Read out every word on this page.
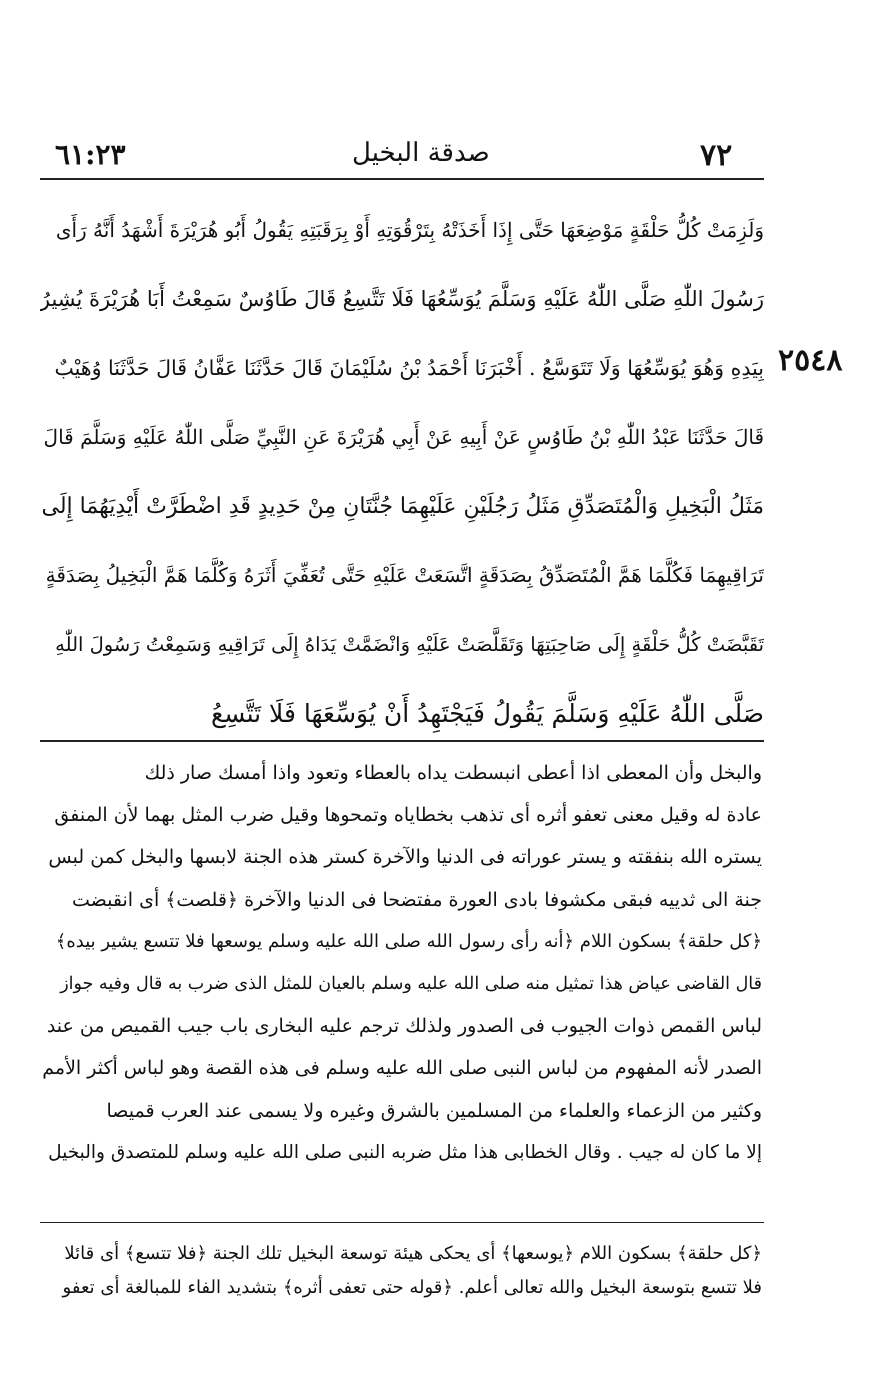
٧٢
صدقة البخيل
٦١:٢٣
وَلَزِمَتْ كُلُّ حَلْقَةٍ مَوْضِعَهَا حَتَّى إِذَا أَخَذَتْهُ بِتَرْقُوَتِهِ أَوْ بِرَقَبَتِهِ يَقُولُ أَبُو هُرَيْرَةَ أَشْهَدُ أَنَّهُ رَأَى
رَسُولَ اللّٰهِ صَلَّى اللّٰهُ عَلَيْهِ وَسَلَّمَ يُوَسِّعُهَا فَلَا تَتَّسِعُ قَالَ طَاوُسٌ سَمِعْتُ أَبَا هُرَيْرَةَ يُشِيرُ
بِيَدِهِ وَهُوَ يُوَسِّعُهَا وَلَا تَتَوَسَّعُ . أَخْبَرَنَا أَحْمَدُ بْنُ سُلَيْمَانَ قَالَ حَدَّثَنَا عَفَّانُ قَالَ حَدَّثَنَا وُهَيْبٌ
قَالَ حَدَّثَنَا عَبْدُ اللّٰهِ بْنُ طَاوُسٍ عَنْ أَبِيهِ عَنْ أَبِي هُرَيْرَةَ عَنِ النَّبِيِّ صَلَّى اللّٰهُ عَلَيْهِ وَسَلَّمَ قَالَ
مَثَلُ الْبَخِيلِ وَالْمُتَصَدِّقِ مَثَلُ رَجُلَيْنِ عَلَيْهِمَا جُنَّتَانِ مِنْ حَدِيدٍ قَدِ اضْطَرَّتْ أَيْدِيَهُمَا إِلَى
تَرَاقِيهِمَا فَكُلَّمَا هَمَّ الْمُتَصَدِّقُ بِصَدَقَةٍ اتَّسَعَتْ عَلَيْهِ حَتَّى تُعَفِّيَ أَثَرَهُ وَكُلَّمَا هَمَّ الْبَخِيلُ بِصَدَقَةٍ
تَقَبَّضَتْ كُلُّ حَلْقَةٍ إِلَى صَاحِبَتِهَا وَتَقَلَّصَتْ عَلَيْهِ وَانْضَمَّتْ يَدَاهُ إِلَى تَرَاقِيهِ وَسَمِعْتُ رَسُولَ اللّٰهِ
صَلَّى اللّٰهُ عَلَيْهِ وَسَلَّمَ يَقُولُ فَيَجْتَهِدُ أَنْ يُوَسِّعَهَا فَلَا تَتَّسِعُ
٢٥٤٨
والبخل وأن المعطى اذا أعطى انبسطت يداه بالعطاء وتعود واذا أمسك صار ذلك
عادة له وقيل معنى تعفو أثره أى تذهب بخطاياه وتمحوها وقيل ضرب المثل بهما لأن المنفق
يستره الله بنفقته و يستر عوراته فى الدنيا والآخرة كستر هذه الجنة لابسها والبخل كمن لبس
جنة الى ثدييه فبقى مكشوفا بادى العورة مفتضحا فى الدنيا والآخرة ﴿قلصت﴾ أى انقبضت
﴿كل حلقة﴾ بسكون اللام ﴿أنه رأى رسول الله صلى الله عليه وسلم يوسعها فلا تتسع يشير بيده﴾
قال القاضى عياض هذا تمثيل منه صلى الله عليه وسلم بالعيان للمثل الذى ضرب به قال وفيه جواز
لباس القمص ذوات الجيوب فى الصدور ولذلك ترجم عليه البخارى باب جيب القميص من عند
الصدر لأنه المفهوم من لباس النبى صلى الله عليه وسلم فى هذه القصة وهو لباس أكثر الأمم
وكثير من الزعماء والعلماء من المسلمين بالشرق وغيره ولا يسمى عند العرب قميصا
إلا ما كان له جيب . وقال الخطابى هذا مثل ضربه النبى صلى الله عليه وسلم للمتصدق والبخيل
﴿كل حلقة﴾ بسكون اللام ﴿يوسعها﴾ أى يحكى هيئة توسعة البخيل تلك الجنة ﴿فلا تتسع﴾ أى قائلا
فلا تتسع بتوسعة البخيل والله تعالى أعلم. ﴿قوله حتى تعفى أثره﴾ بتشديد الفاء للمبالغة أى تعفو
